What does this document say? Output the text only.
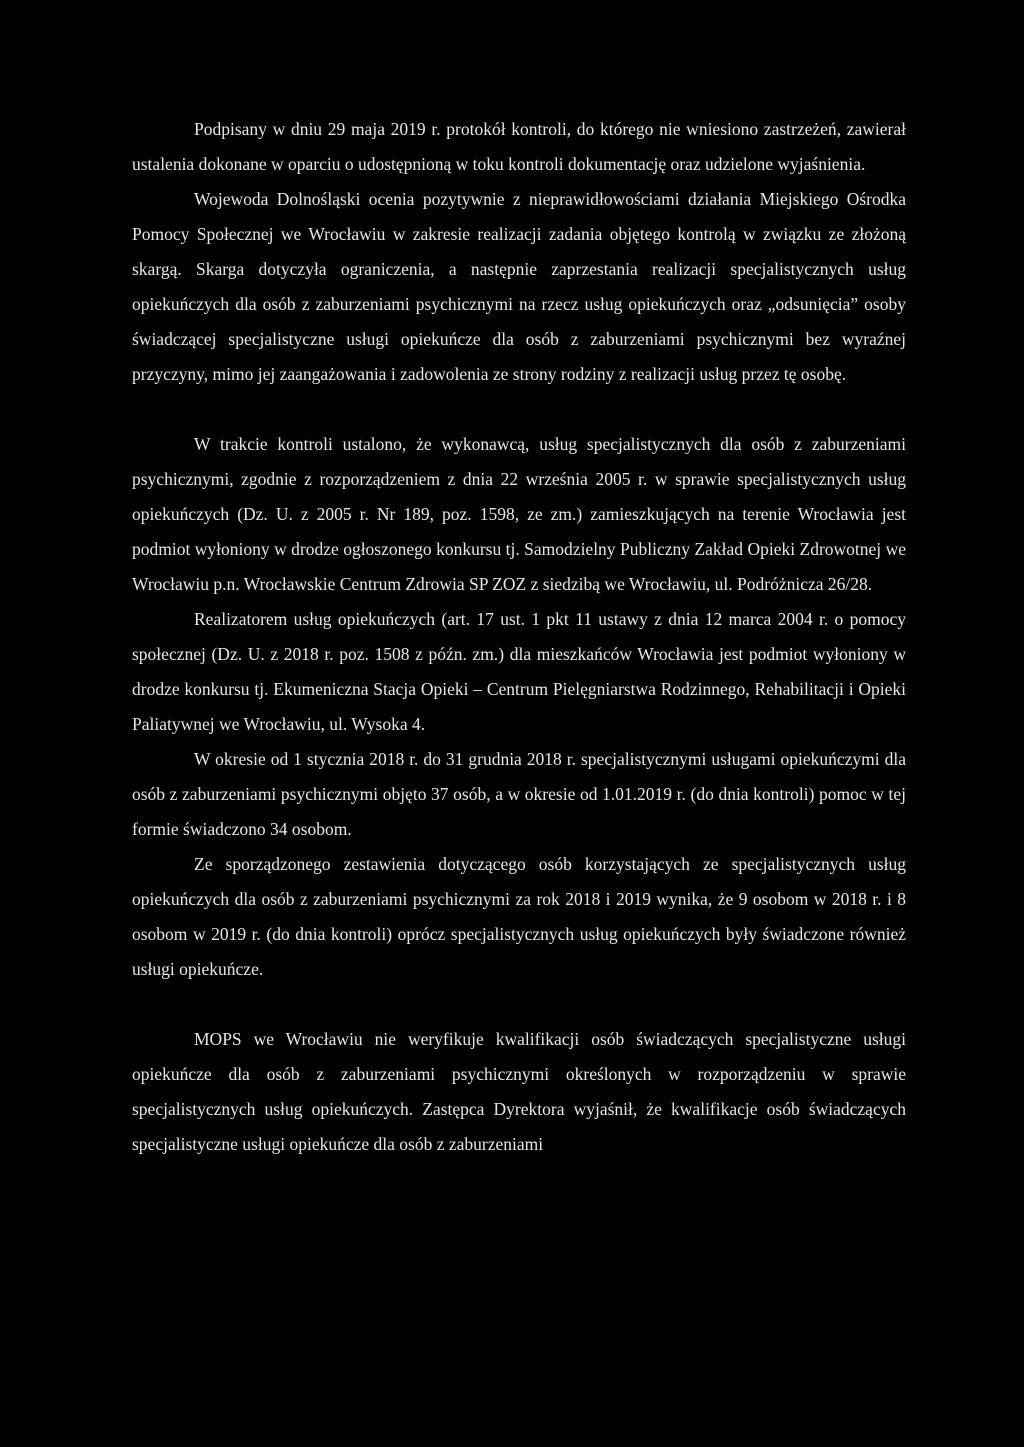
Podpisany w dniu 29 maja 2019 r. protokół kontroli, do którego nie wniesiono zastrzeżeń, zawierał ustalenia dokonane w oparciu o udostępnioną w toku kontroli dokumentację oraz udzielone wyjaśnienia.

Wojewoda Dolnośląski ocenia pozytywnie z nieprawidłowościami działania Miejskiego Ośrodka Pomocy Społecznej we Wrocławiu w zakresie realizacji zadania objętego kontrolą w związku ze złożoną skargą. Skarga dotyczyła ograniczenia, a następnie zaprzestania realizacji specjalistycznych usług opiekuńczych dla osób z zaburzeniami psychicznymi na rzecz usług opiekuńczych oraz „odsunięcia” osoby świadczącej specjalistyczne usługi opiekuńcze dla osób z zaburzeniami psychicznymi bez wyraźnej przyczyny, mimo jej zaangażowania i zadowolenia ze strony rodziny z realizacji usług przez tę osobę.

W trakcie kontroli ustalono, że wykonawcą, usług specjalistycznych dla osób z zaburzeniami psychicznymi, zgodnie z rozporządzeniem z dnia 22 września 2005 r. w sprawie specjalistycznych usług opiekuńczych (Dz. U. z 2005 r. Nr 189, poz. 1598, ze zm.) zamieszkujących na terenie Wrocławia jest podmiot wyłoniony w drodze ogłoszonego konkursu tj. Samodzielny Publiczny Zakład Opieki Zdrowotnej we Wrocławiu p.n. Wrocławskie Centrum Zdrowia SP ZOZ z siedzibą we Wrocławiu, ul. Podróżnicza 26/28.

Realizatorem usług opiekuńczych (art. 17 ust. 1 pkt 11 ustawy z dnia 12 marca 2004 r. o pomocy społecznej (Dz. U. z 2018 r. poz. 1508 z późn. zm.) dla mieszkańców Wrocławia jest podmiot wyłoniony w drodze konkursu tj. Ekumeniczna Stacja Opieki – Centrum Pielęgniarstwa Rodzinnego, Rehabilitacji i Opieki Paliatywnej we Wrocławiu, ul. Wysoka 4.

W okresie od 1 stycznia 2018 r. do 31 grudnia 2018 r. specjalistycznymi usługami opiekuńczymi dla osób z zaburzeniami psychicznymi objęto 37 osób, a w okresie od 1.01.2019 r. (do dnia kontroli) pomoc w tej formie świadczono 34 osobom.

Ze sporządzonego zestawienia dotyczącego osób korzystających ze specjalistycznych usług opiekuńczych dla osób z zaburzeniami psychicznymi za rok 2018 i 2019 wynika, że 9 osobom w 2018 r. i 8 osobom w 2019 r. (do dnia kontroli) oprócz specjalistycznych usług opiekuńczych były świadczone również usługi opiekuńcze.

MOPS we Wrocławiu nie weryfikuje kwalifikacji osób świadczących specjalistyczne usługi opiekuńcze dla osób z zaburzeniami psychicznymi określonych w rozporządzeniu w sprawie specjalistycznych usług opiekuńczych. Zastępca Dyrektora wyjaśnił, że kwalifikacje osób świadczących specjalistyczne usługi opiekuńcze dla osób z zaburzeniami
